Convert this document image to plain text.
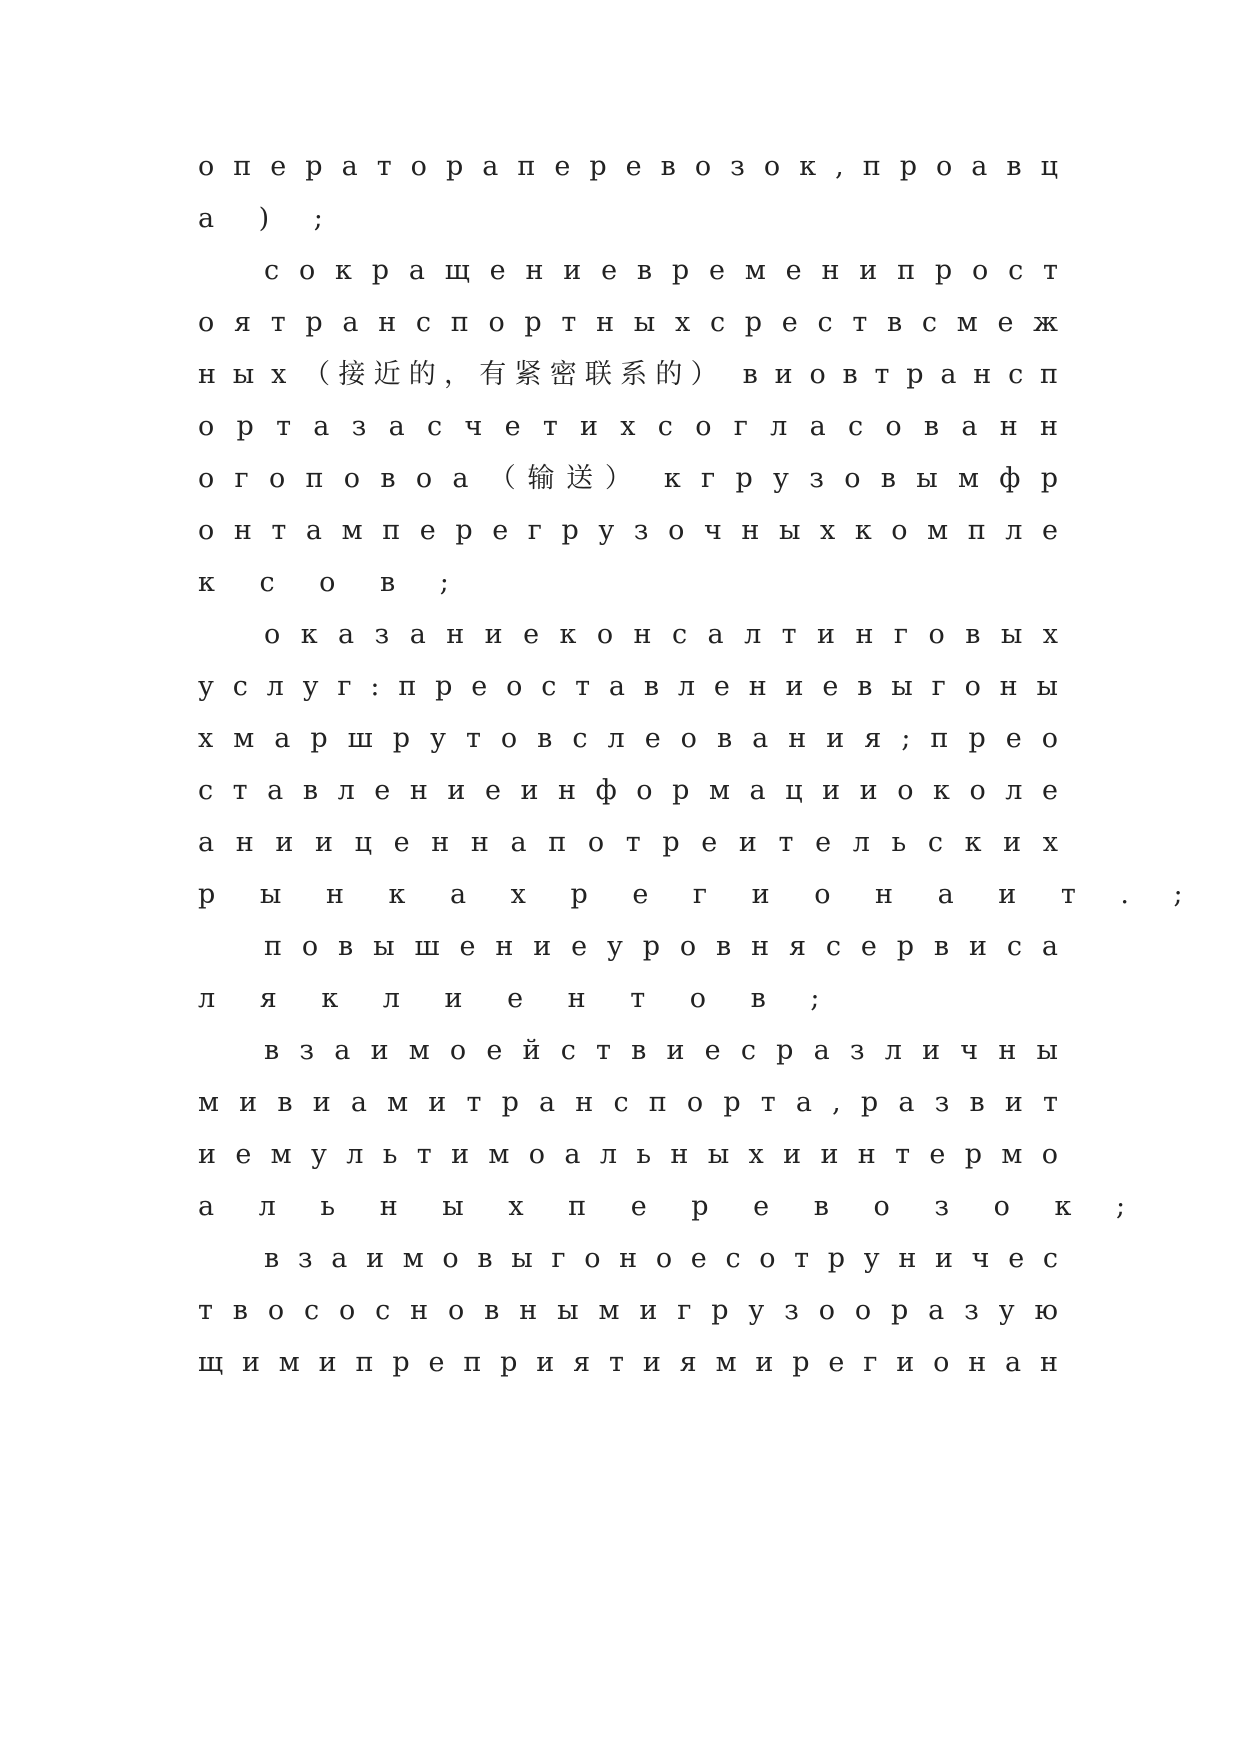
о п е р а т о р а п е р е в о з о к , п р о а в ц
а ) ;
с о к р а щ е н и е в р е м е н и п р о с т
о я т р а н с п о р т н ы х с р е с т в с м е ж
н ы х （接近的，有紧密联系的） в и о в т р а н с п
о р т а з а с ч е т и х с о г л а с о в а н н
о г о п о в о а （输送） к г р у з о в ы м ф р
о н т а м п е р е г р у з о ч н ы х к о м п л е
к с о в ;
о к а з а н и е к о н с а л т и н г о в ы х
у с л у г : п р е о с т а в л е н и е в ы г о н ы
х м а р ш р у т о в с л е о в а н и я ; п р е о
с т а в л е н и е и н ф о р м а ц и и о к о л е
а н и и ц е н н а п о т р е и т е л ь с к и х
р ы н к а х р е г и о н а и т . ;
п о в ы ш е н и е у р о в н я с е р в и с а
л я к л и е н т о в ;
в з а и м о е й с т в и е с р а з л и ч н ы
м и в и а м и т р а н с п о р т а , р а з в и т
и е м у л ь т и м о а л ь н ы х и и н т е р м о
а л ь н ы х п е р е в о з о к ;
в з а и м о в ы г о н о е с о т р у н и ч е с
т в о с о с н о в н ы м и г р у з о о р а з у ю
щ и м и п р е п р и я т и я м и р е г и о н а н
